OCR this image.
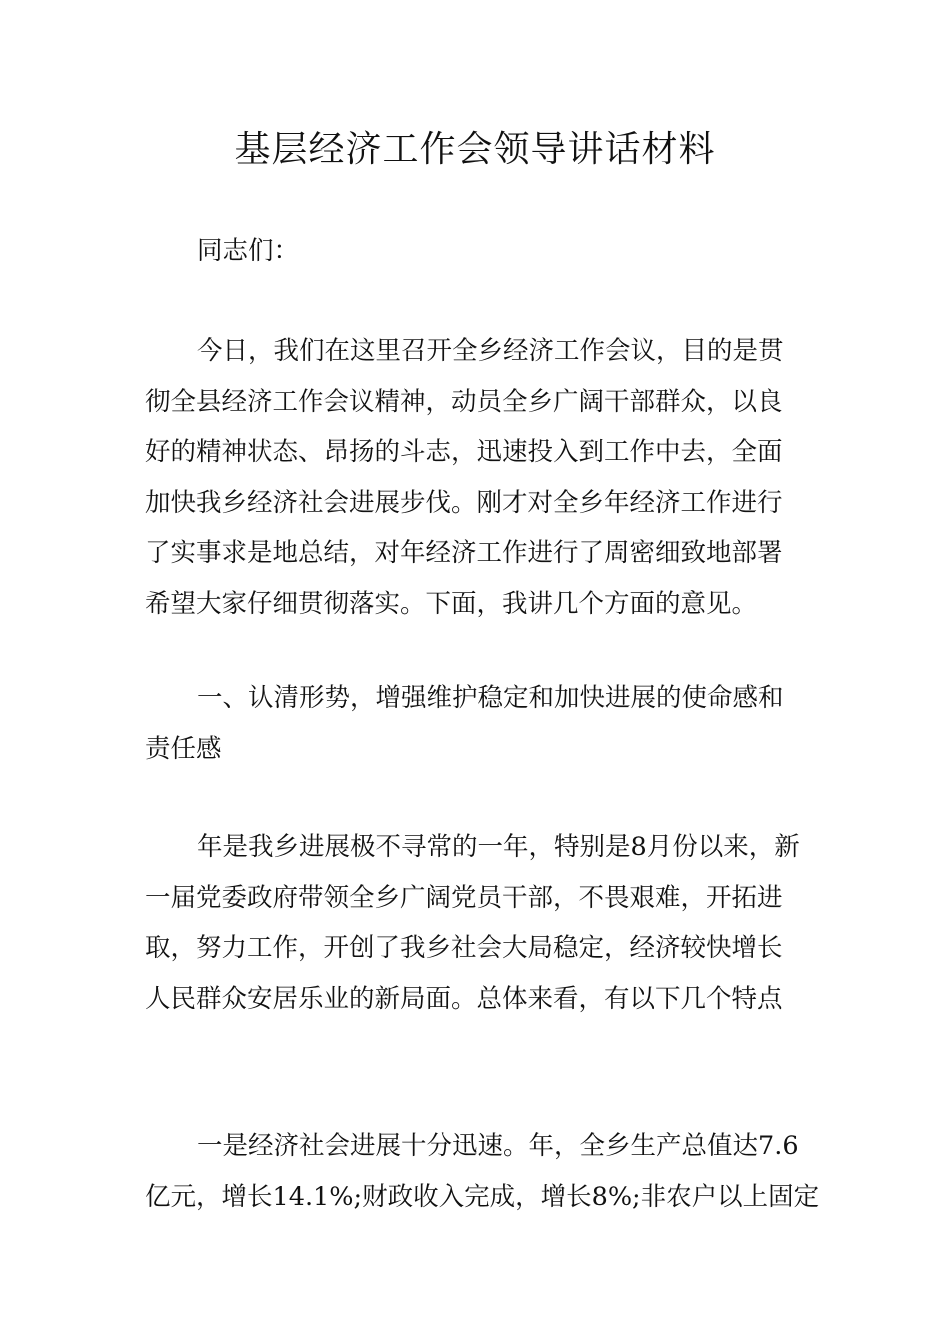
基层经济工作会领导讲话材料

同志们：

今日，我们在这里召开全乡经济工作会议，目的是贯
彻全县经济工作会议精神，动员全乡广阔干部群众，以良
好的精神状态、昂扬的斗志，迅速投入到工作中去，全面
加快我乡经济社会进展步伐。刚才对全乡年经济工作进行
了实事求是地总结，对年经济工作进行了周密细致地部署
希望大家仔细贯彻落实。下面，我讲几个方面的意见。

一、认清形势，增强维护稳定和加快进展的使命感和
责任感

年是我乡进展极不寻常的一年，特别是8月份以来，新
一届党委政府带领全乡广阔党员干部，不畏艰难，开拓进
取，努力工作，开创了我乡社会大局稳定，经济较快增长
人民群众安居乐业的新局面。总体来看，有以下几个特点

一是经济社会进展十分迅速。年，全乡生产总值达7.6
亿元，增长14.1%;财政收入完成，增长8%;非农户以上固定
